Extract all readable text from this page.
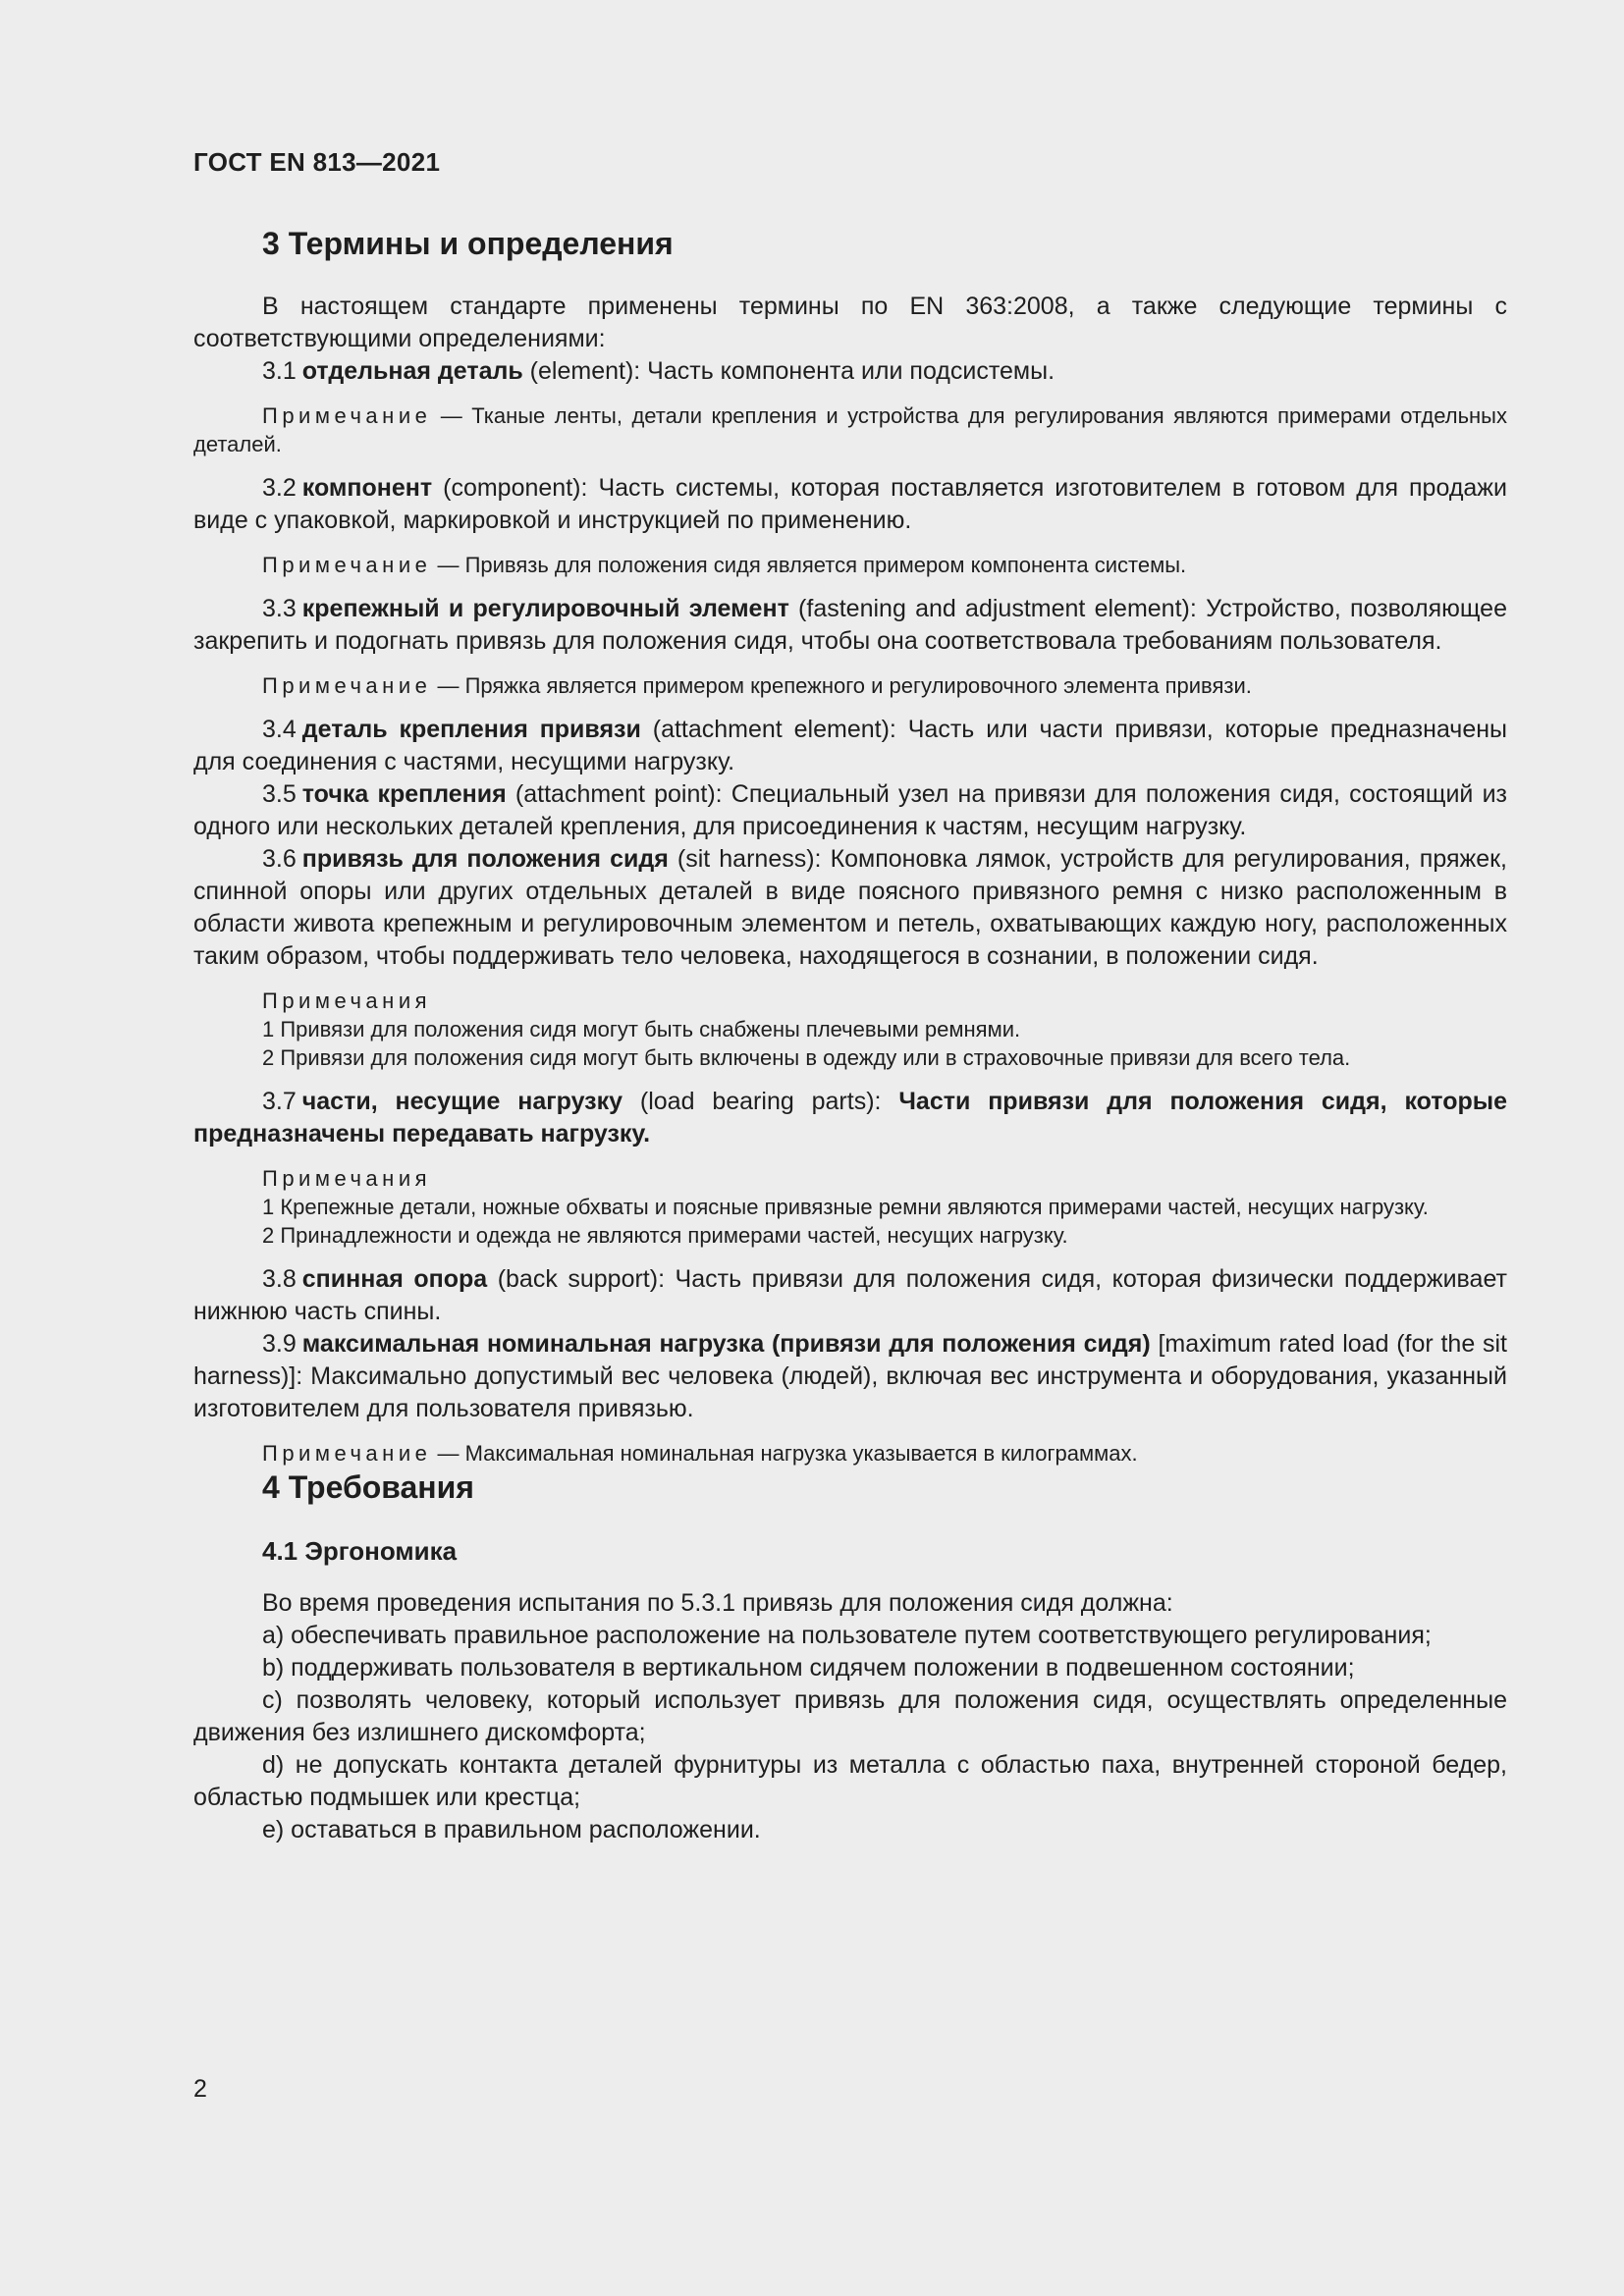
ГОСТ EN 813—2021
3 Термины и определения

В настоящем стандарте применены термины по EN 363:2008, а также следующие термины с соответствующими определениями:

3.1 отдельная деталь (element): Часть компонента или подсистемы.

Примечание — Тканые ленты, детали крепления и устройства для регулирования являются примерами отдельных деталей.

3.2 компонент (component): Часть системы, которая поставляется изготовителем в готовом для продажи виде с упаковкой, маркировкой и инструкцией по применению.

Примечание — Привязь для положения сидя является примером компонента системы.

3.3 крепежный и регулировочный элемент (fastening and adjustment element): Устройство, позволяющее закрепить и подогнать привязь для положения сидя, чтобы она соответствовала требованиям пользователя.

Примечание — Пряжка является примером крепежного и регулировочного элемента привязи.

3.4 деталь крепления привязи (attachment element): Часть или части привязи, которые предназначены для соединения с частями, несущими нагрузку.

3.5 точка крепления (attachment point): Специальный узел на привязи для положения сидя, состоящий из одного или нескольких деталей крепления, для присоединения к частям, несущим нагрузку.

3.6 привязь для положения сидя (sit harness): Компоновка лямок, устройств для регулирования, пряжек, спинной опоры или других отдельных деталей в виде поясного привязного ремня с низко расположенным в области живота крепежным и регулировочным элементом и петель, охватывающих каждую ногу, расположенных таким образом, чтобы поддерживать тело человека, находящегося в сознании, в положении сидя.

Примечания
1 Привязи для положения сидя могут быть снабжены плечевыми ремнями.
2 Привязи для положения сидя могут быть включены в одежду или в страховочные привязи для всего тела.

3.7 части, несущие нагрузку (load bearing parts): Части привязи для положения сидя, которые предназначены передавать нагрузку.

Примечания
1 Крепежные детали, ножные обхваты и поясные привязные ремни являются примерами частей, несущих нагрузку.
2 Принадлежности и одежда не являются примерами частей, несущих нагрузку.

3.8 спинная опора (back support): Часть привязи для положения сидя, которая физически поддерживает нижнюю часть спины.

3.9 максимальная номинальная нагрузка (привязи для положения сидя) [maximum rated load (for the sit harness)]: Максимально допустимый вес человека (людей), включая вес инструмента и оборудования, указанный изготовителем для пользователя привязью.

Примечание — Максимальная номинальная нагрузка указывается в килограммах.
4 Требования
4.1 Эргономика

Во время проведения испытания по 5.3.1 привязь для положения сидя должна:

a) обеспечивать правильное расположение на пользователе путем соответствующего регулирования;

b) поддерживать пользователя в вертикальном сидячем положении в подвешенном состоянии;

c) позволять человеку, который использует привязь для положения сидя, осуществлять определенные движения без излишнего дискомфорта;

d) не допускать контакта деталей фурнитуры из металла с областью паха, внутренней стороной бедер, областью подмышек или крестца;

e) оставаться в правильном расположении.

2
